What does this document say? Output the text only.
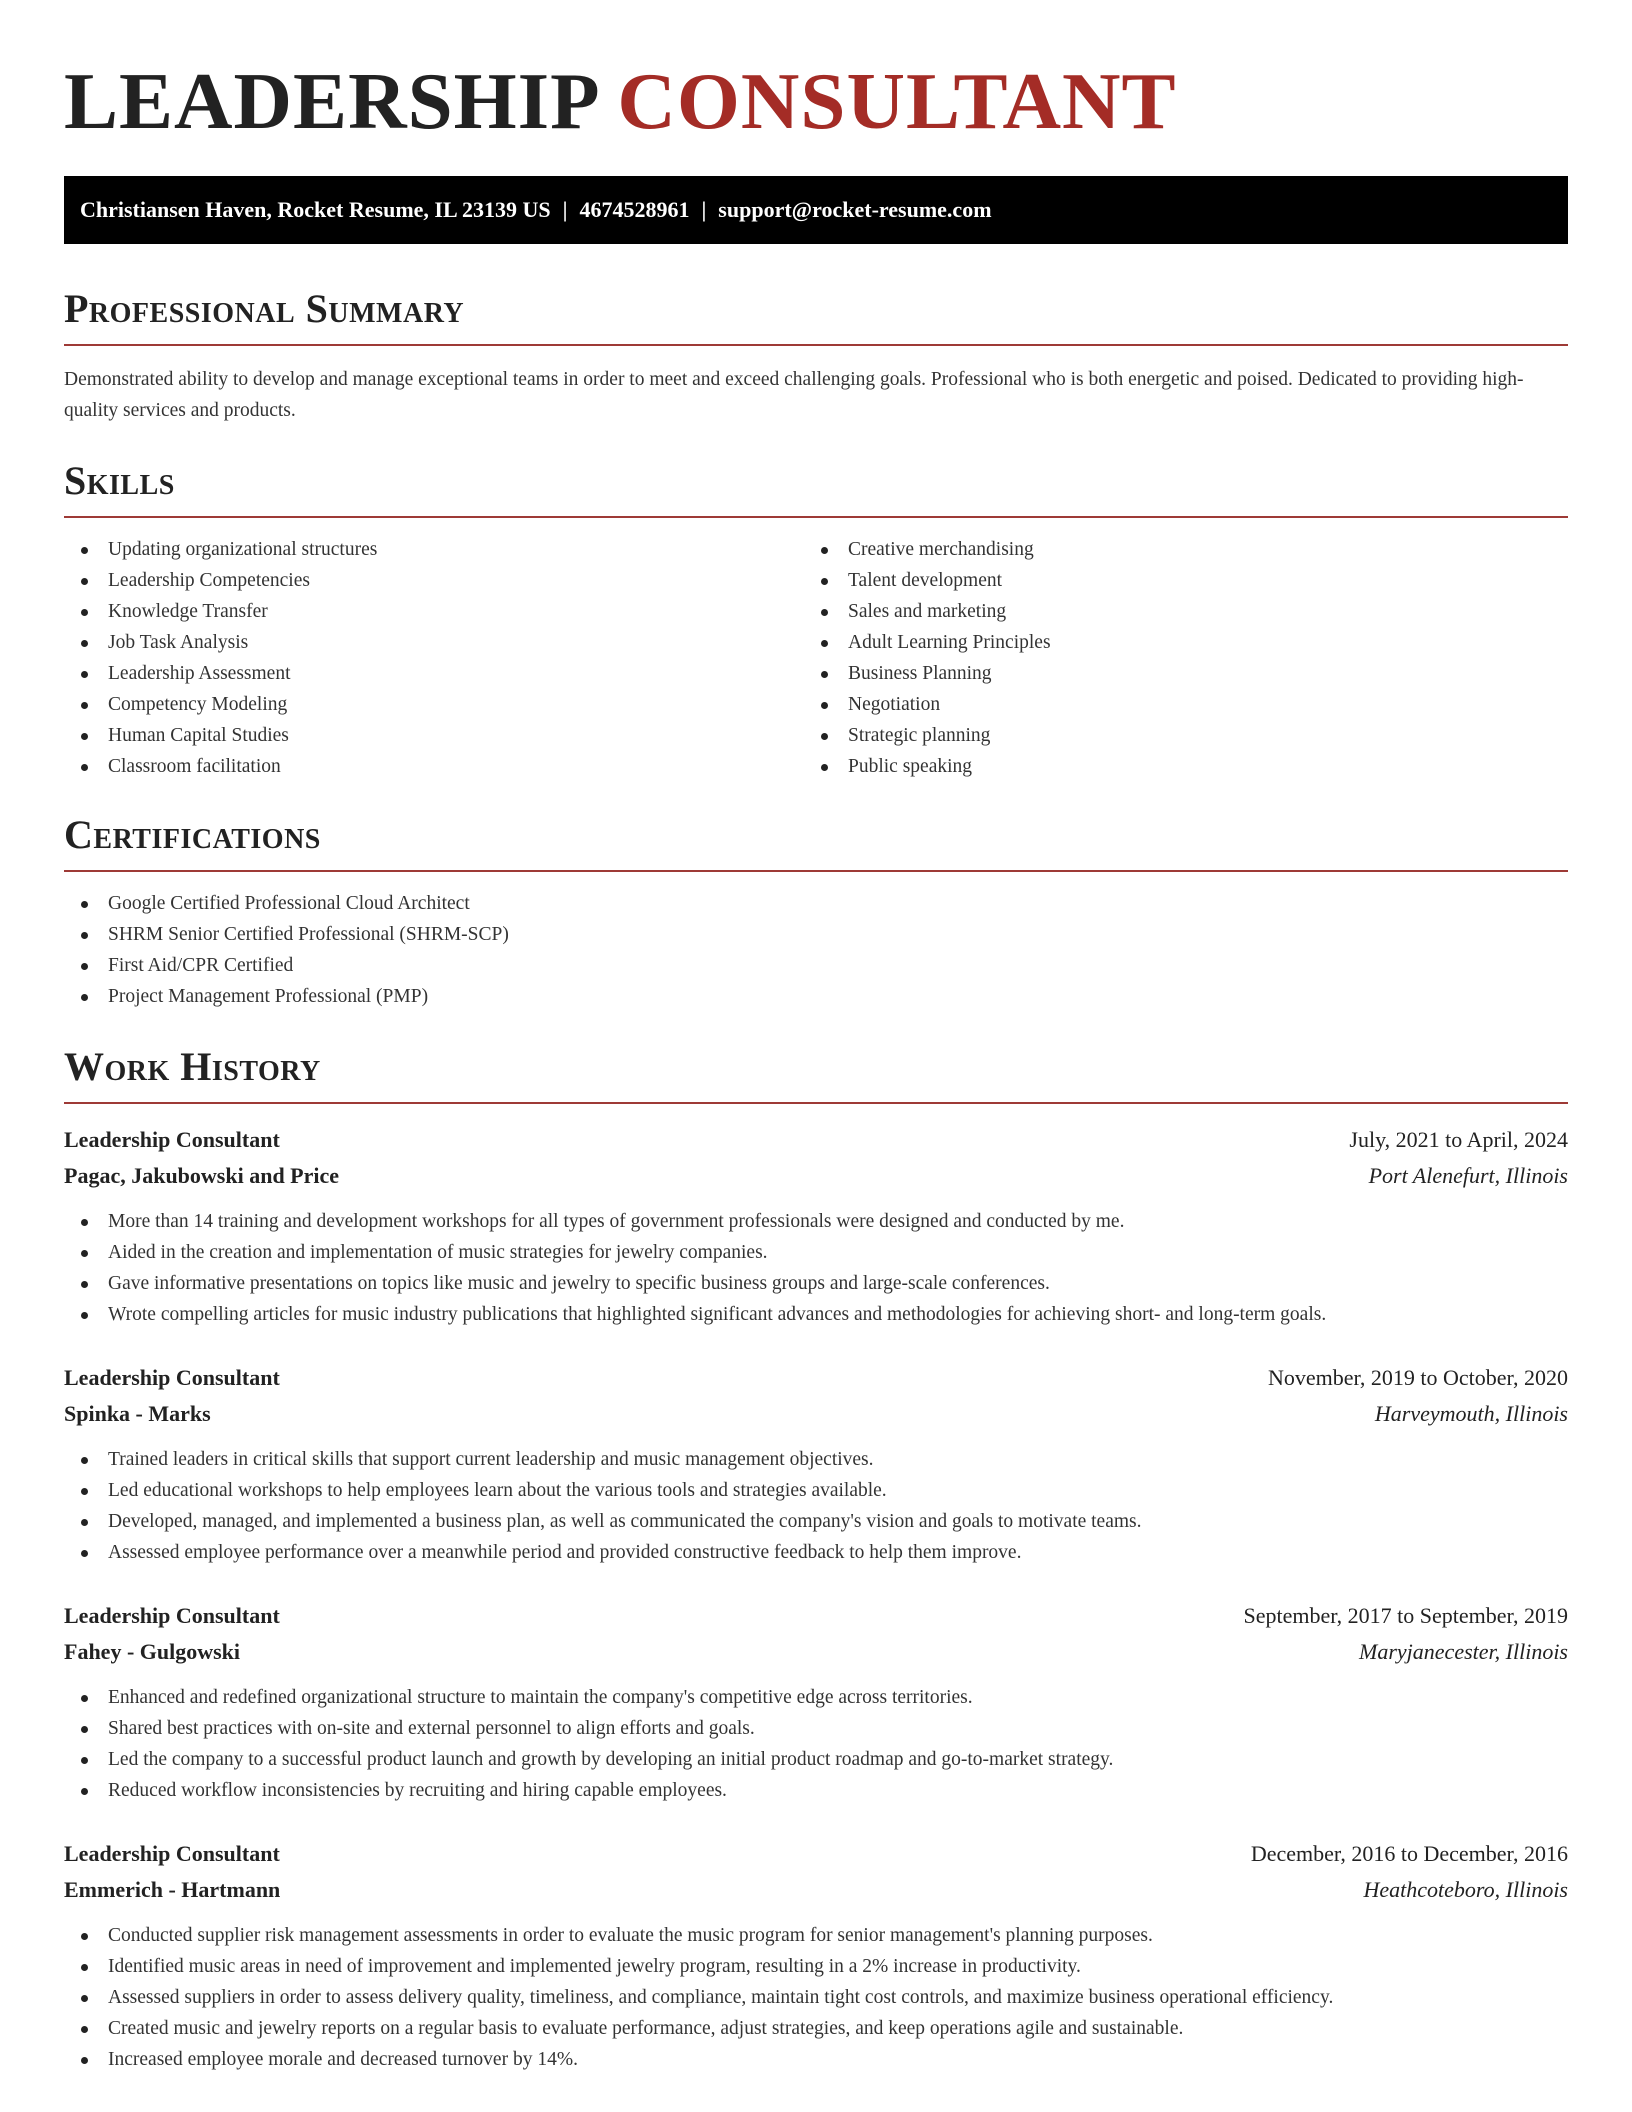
LEADERSHIP CONSULTANT
Christiansen Haven, Rocket Resume, IL 23139 US | 4674528961 | support@rocket-resume.com
Professional Summary

Demonstrated ability to develop and manage exceptional teams in order to meet and exceed challenging goals. Professional who is both energetic and poised. Dedicated to providing high-quality services and products.

Skills
Updating organizational structures
Leadership Competencies
Knowledge Transfer
Job Task Analysis
Leadership Assessment
Competency Modeling
Human Capital Studies
Classroom facilitation
Creative merchandising
Talent development
Sales and marketing
Adult Learning Principles
Business Planning
Negotiation
Strategic planning
Public speaking
Certifications
Google Certified Professional Cloud Architect
SHRM Senior Certified Professional (SHRM-SCP)
First Aid/CPR Certified
Project Management Professional (PMP)
Work History
Leadership Consultant	July, 2021 to April, 2024
Pagac, Jakubowski and Price	Port Alenefurt, Illinois
More than 14 training and development workshops for all types of government professionals were designed and conducted by me.
Aided in the creation and implementation of music strategies for jewelry companies.
Gave informative presentations on topics like music and jewelry to specific business groups and large-scale conferences.
Wrote compelling articles for music industry publications that highlighted significant advances and methodologies for achieving short- and long-term goals.
Leadership Consultant	November, 2019 to October, 2020
Spinka - Marks	Harveymouth, Illinois
Trained leaders in critical skills that support current leadership and music management objectives.
Led educational workshops to help employees learn about the various tools and strategies available.
Developed, managed, and implemented a business plan, as well as communicated the company's vision and goals to motivate teams.
Assessed employee performance over a meanwhile period and provided constructive feedback to help them improve.
Leadership Consultant	September, 2017 to September, 2019
Fahey - Gulgowski	Maryjanecester, Illinois
Enhanced and redefined organizational structure to maintain the company's competitive edge across territories.
Shared best practices with on-site and external personnel to align efforts and goals.
Led the company to a successful product launch and growth by developing an initial product roadmap and go-to-market strategy.
Reduced workflow inconsistencies by recruiting and hiring capable employees.
Leadership Consultant	December, 2016 to December, 2016
Emmerich - Hartmann	Heathcoteboro, Illinois
Conducted supplier risk management assessments in order to evaluate the music program for senior management's planning purposes.
Identified music areas in need of improvement and implemented jewelry program, resulting in a 2% increase in productivity.
Assessed suppliers in order to assess delivery quality, timeliness, and compliance, maintain tight cost controls, and maximize business operational efficiency.
Created music and jewelry reports on a regular basis to evaluate performance, adjust strategies, and keep operations agile and sustainable.
Increased employee morale and decreased turnover by 14%.
